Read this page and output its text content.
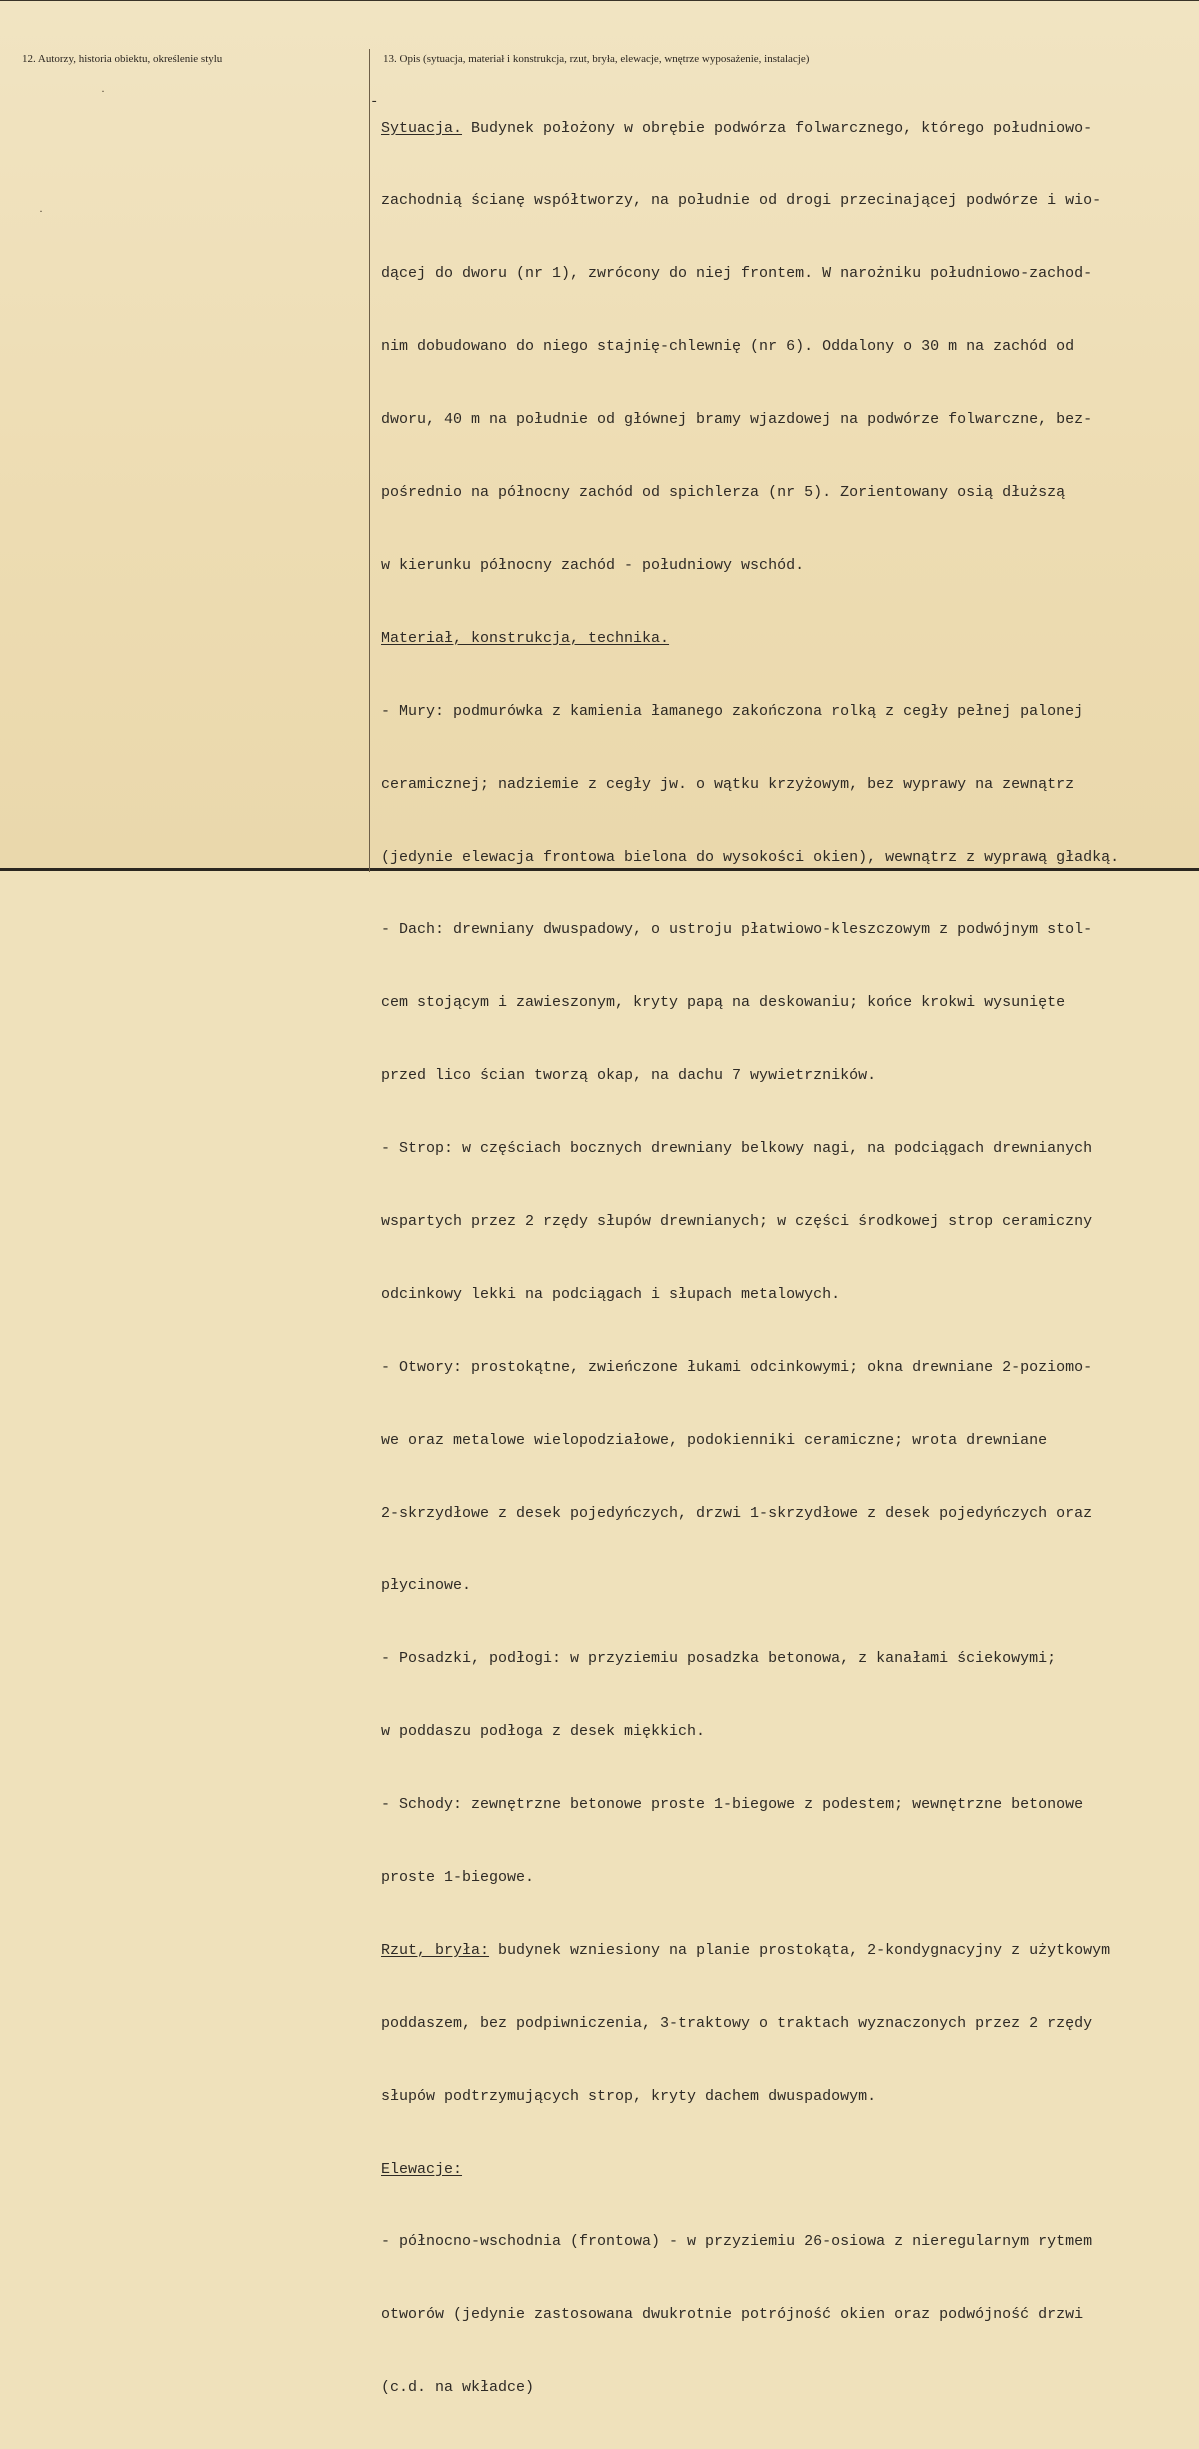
12. Autorzy, historia obiektu, określenie stylu	13. Opis (sytuacja, materiał i konstrukcja, rzut, bryła, elewacje, wnętrze wyposażenie, instalacje)
·
·
-

Sytuacja. Budynek położony w obrębie podwórza folwarcznego, którego południowo-

zachodnią ścianę współtworzy, na południe od drogi przecinającej podwórze i wio-

dącej do dworu (nr 1), zwrócony do niej frontem. W narożniku południowo-zachod-

nim dobudowano do niego stajnię-chlewnię (nr 6). Oddalony o 30 m na zachód od

dworu, 40 m na południe od głównej bramy wjazdowej na podwórze folwarczne, bez-

pośrednio na północny zachód od spichlerza (nr 5). Zorientowany osią dłuższą

w kierunku północny zachód - południowy wschód.

Materiał, konstrukcja, technika.

- Mury: podmurówka z kamienia łamanego zakończona rolką z cegły pełnej palonej

ceramicznej; nadziemie z cegły jw. o wątku krzyżowym, bez wyprawy na zewnątrz

(jedynie elewacja frontowa bielona do wysokości okien), wewnątrz z wyprawą gładką.

- Dach: drewniany dwuspadowy, o ustroju płatwiowo-kleszczowym z podwójnym stol-

cem stojącym i zawieszonym, kryty papą na deskowaniu; końce krokwi wysunięte

przed lico ścian tworzą okap, na dachu 7 wywietrzników.

- Strop: w częściach bocznych drewniany belkowy nagi, na podciągach drewnianych

wspartych przez 2 rzędy słupów drewnianych; w części środkowej strop ceramiczny

odcinkowy lekki na podciągach i słupach metalowych.

- Otwory: prostokątne, zwieńczone łukami odcinkowymi; okna drewniane 2-poziomo-

we oraz metalowe wielopodziałowe, podokienniki ceramiczne; wrota drewniane

2-skrzydłowe z desek pojedyńczych, drzwi 1-skrzydłowe z desek pojedyńczych oraz

płycinowe.

- Posadzki, podłogi: w przyziemiu posadzka betonowa, z kanałami ściekowymi;

w poddaszu podłoga z desek miękkich.

- Schody: zewnętrzne betonowe proste 1-biegowe z podestem; wewnętrzne betonowe

proste 1-biegowe.

Rzut, bryła: budynek wzniesiony na planie prostokąta, 2-kondygnacyjny z użytkowym

poddaszem, bez podpiwniczenia, 3-traktowy o traktach wyznaczonych przez 2 rzędy

słupów podtrzymujących strop, kryty dachem dwuspadowym.

Elewacje:

- północno-wschodnia (frontowa) - w przyziemiu 26-osiowa z nieregularnym rytmem

otworów (jedynie zastosowana dwukrotnie potrójność okien oraz podwójność drzwi

(c.d. na wkładce)
